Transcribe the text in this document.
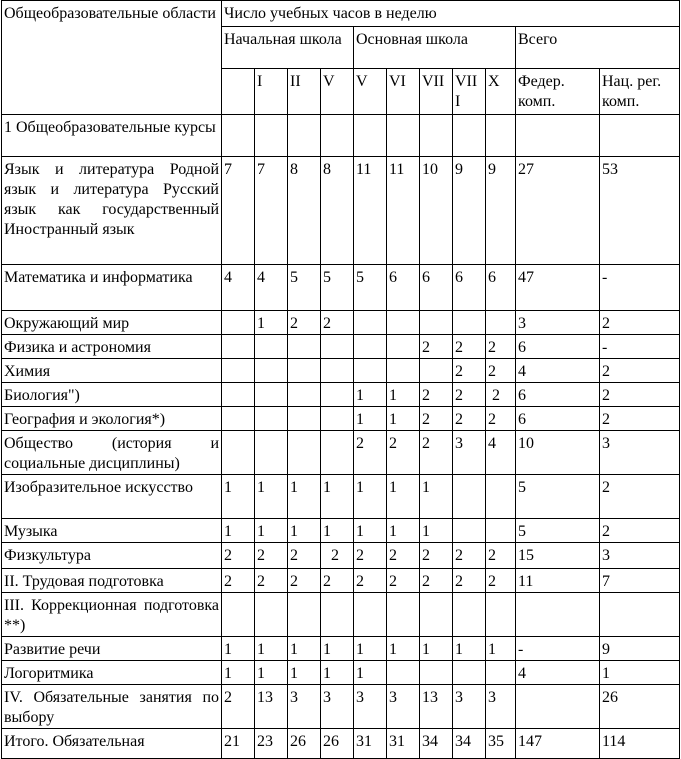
Общеобразовательные области	Число учебных часов в неделю										
	Начальная школа				Основная школа					Всего	
		I	II	V	V	VI	VII	VII I	X	Федер. комп.	Нац. рег. комп.
1 Общеобразовательные курсы											
Язык и литература Родной язык и литература Русский язык как государственный Иностранный язык	7	7	8	8	11	11	10	9	9	27	53
Математика и информатика	4	4	5	5	5	6	6	6	6	47	-
Окружающий мир		1	2	2						3	2
Физика и астрономия							2	2	2	6	-
Химия								2	2	4	2
Биология")					1	1	2	2	2	6	2
География и экология*)					1	1	2	2	2	6	2
Общество (история и социальные дисциплины)					2	2	2	3	4	10	3
Изобразительное искусство	1	1	1	1	1	1	1			5	2
Музыка	1	1	1	1	1	1	1			5	2
Физкультура	2	2	2	2	2	2	2	2	2	15	3
II. Трудовая подготовка	2	2	2	2	2	2	2	2	2	11	7
III. Коррекционная подготовка **)											
Развитие речи	1	1	1	1	1	1	1	1	1	-	9
Логоритмика	1	1	1	1	1					4	1
IV. Обязательные занятия по выбору	2	13	3	3	3	3	13	3	3		26
Итого. Обязательная	21	23	26	26	31	31	34	34	35	147	114
